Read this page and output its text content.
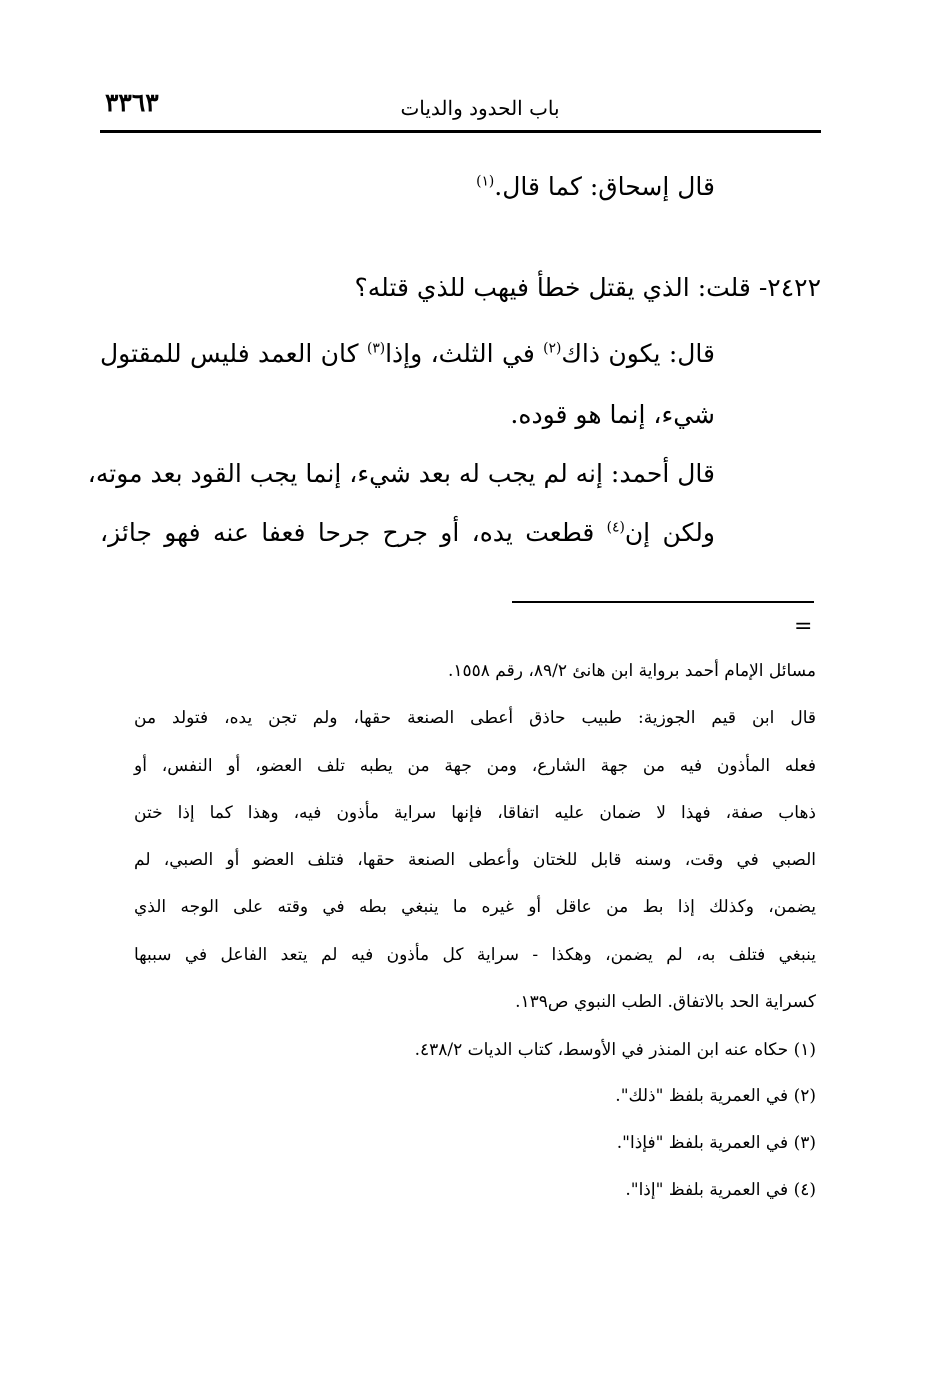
٣٣٦٣	باب الحدود والديات

قال إسحاق: كما قال.$^{(١)}$

٢٤٢٢- قلت: الذي يقتل خطأ فيهب للذي قتله؟

قال: يكون ذاك$^{(٢)}$ في الثلث، وإذا$^{(٣)}$ كان العمد فليس للمقتول

شيء، إنما هو قوده.

قال أحمد: إنه لم يجب له بعد شيء، إنما يجب القود بعد موته،

ولكن إن$^{(٤)}$ قطعت يده، أو جرح جرحا فعفا عنه فهو جائز،

=

مسائل الإمام أحمد برواية ابن هانئ ٨٩/٢، رقم ١٥٥٨.

قال ابن قيم الجوزية: طبيب حاذق أعطى الصنعة حقها، ولم تجن يده، فتولد من

فعله المأذون فيه من جهة الشارع، ومن جهة من يطبه تلف العضو، أو النفس، أو

ذهاب صفة، فهذا لا ضمان عليه اتفاقا، فإنها سراية مأذون فيه، وهذا كما إذا ختن

الصبي في وقت، وسنه قابل للختان وأعطى الصنعة حقها، فتلف العضو أو الصبي، لم

يضمن، وكذلك إذا بط من عاقل أو غيره ما ينبغي بطه في وقته على الوجه الذي

ينبغي فتلف به، لم يضمن، وهكذا - سراية كل مأذون فيه لم يتعد الفاعل في سببها

كسراية الحد بالاتفاق. الطب النبوي ص١٣٩.

(١) حكاه عنه ابن المنذر في الأوسط، كتاب الديات ٤٣٨/٢.

(٢) في العمرية بلفظ "ذلك".

(٣) في العمرية بلفظ "فإذا".

(٤) في العمرية بلفظ "إذا".
